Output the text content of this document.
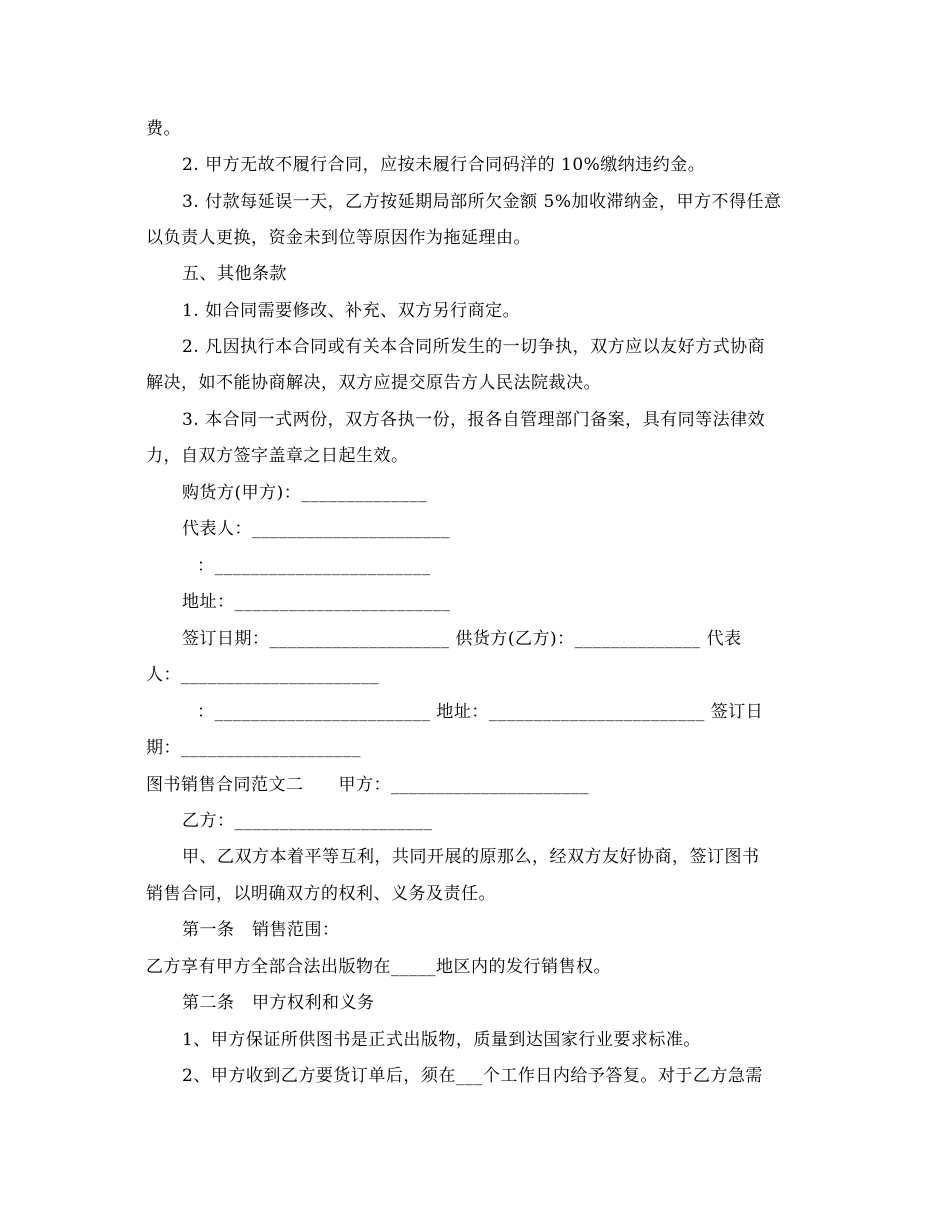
费。
2. 甲方无故不履行合同，应按未履行合同码洋的 10%缴纳违约金。
3. 付款每延误一天，乙方按延期局部所欠金额 5%加收滞纳金，甲方不得任意
以负责人更换，资金未到位等原因作为拖延理由。
五、其他条款
1. 如合同需要修改、补充、双方另行商定。
2. 凡因执行本合同或有关本合同所发生的一切争执，双方应以友好方式协商
解决，如不能协商解决，双方应提交原告方人民法院裁决。
3. 本合同一式两份，双方各执一份，报各自管理部门备案，具有同等法律效
力，自双方签字盖章之日起生效。
购货方(甲方)：______________
代表人：______________________
：________________________
地址：________________________
签订日期：____________________ 供货方(乙方)：______________ 代表
人：______________________
：________________________ 地址：________________________ 签订日
期：____________________
图书销售合同范文二　　甲方：______________________
乙方：______________________
甲、乙双方本着平等互利，共同开展的原那么，经双方友好协商，签订图书
销售合同，以明确双方的权利、义务及责任。
第一条　销售范围：
乙方享有甲方全部合法出版物在_____地区内的发行销售权。
第二条　甲方权利和义务
1、甲方保证所供图书是正式出版物，质量到达国家行业要求标准。
2、甲方收到乙方要货订单后，须在___个工作日内给予答复。对于乙方急需
